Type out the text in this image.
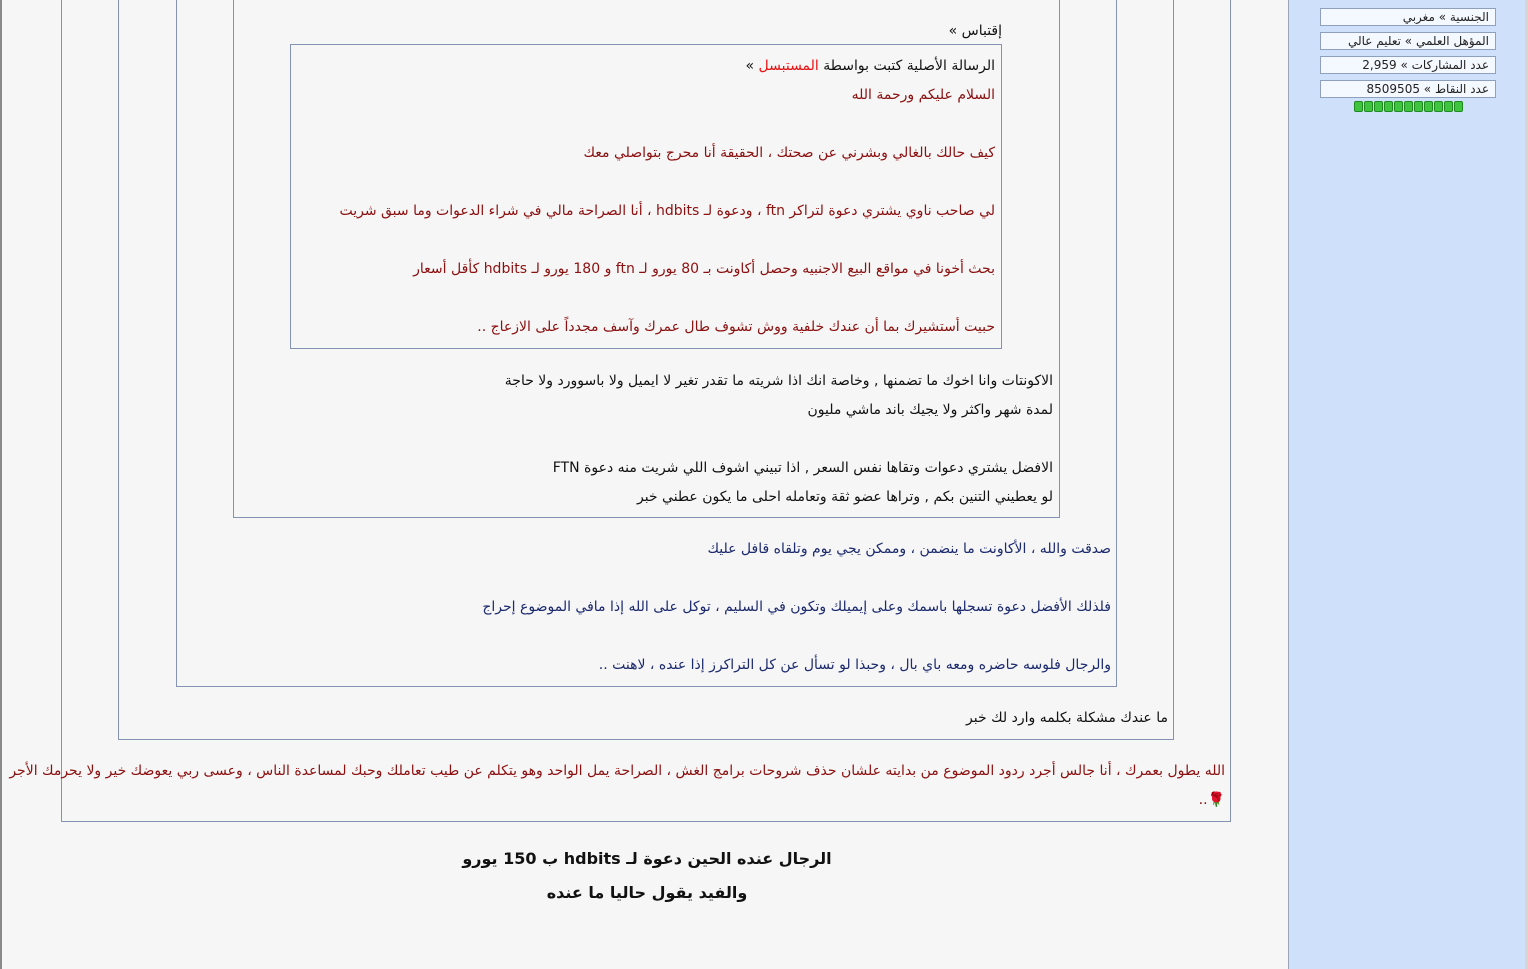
إقتباس »
الرسالة الأصلية كتبت بواسطة المستبسل »
السلام عليكم ورحمة الله
كيف حالك بالغالي وبشرني عن صحتك ، الحقيقة أنا محرج بتواصلي معك
لي صاحب ناوي يشتري دعوة لتراكر ftn ، ودعوة لـ hdbits ، أنا الصراحة مالي في شراء الدعوات وما سبق شريت
بحث أخونا في مواقع البيع الاجنبيه وحصل أكاونت بـ 80 يورو لـ ftn و 180 يورو لـ hdbits كأقل أسعار
حبيت أستشيرك بما أن عندك خلفية ووش تشوف طال عمرك وآسف مجدداً على الازعاج ..
الاكونتات وانا اخوك ما تضمنها , وخاصة انك اذا شريته ما تقدر تغير لا ايميل ولا باسوورد ولا حاجة
لمدة شهر واكثر ولا يجيك باند ماشي مليون
الافضل يشتري دعوات وتقاها نفس السعر , اذا تبيني اشوف اللي شريت منه دعوة FTN
لو يعطيني التنين بكم , وتراها عضو ثقة وتعامله احلى ما يكون عطني خبر
صدقت والله ، الأكاونت ما ينضمن ، وممكن يجي يوم وتلقاه قافل عليك
فلذلك الأفضل دعوة تسجلها باسمك وعلى إيميلك وتكون في السليم ، توكل على الله إذا مافي الموضوع إحراج
والرجال فلوسه حاضره ومعه باي بال ، وحبذا لو تسأل عن كل التراكرز إذا عنده ، لاهنت ..
ما عندك مشكلة بكلمه وارد لك خبر
الله يطول بعمرك ، أنا جالس أجرد ردود الموضوع من بدايته علشان حذف شروحات برامج الغش ، الصراحة يمل الواحد وهو يتكلم عن طيب تعاملك وحبك لمساعدة الناس ، وعسى ربي يعوضك خير ولا يحرمك الأجر
🌹..
الرجال عنده الحين دعوة لـ hdbits ب 150 يورو
والفيد يقول حاليا ما عنده
الجنسية » مغربي
المؤهل العلمي » تعليم عالي
عدد المشاركات » 2,959
عدد النقاط » 8509505
